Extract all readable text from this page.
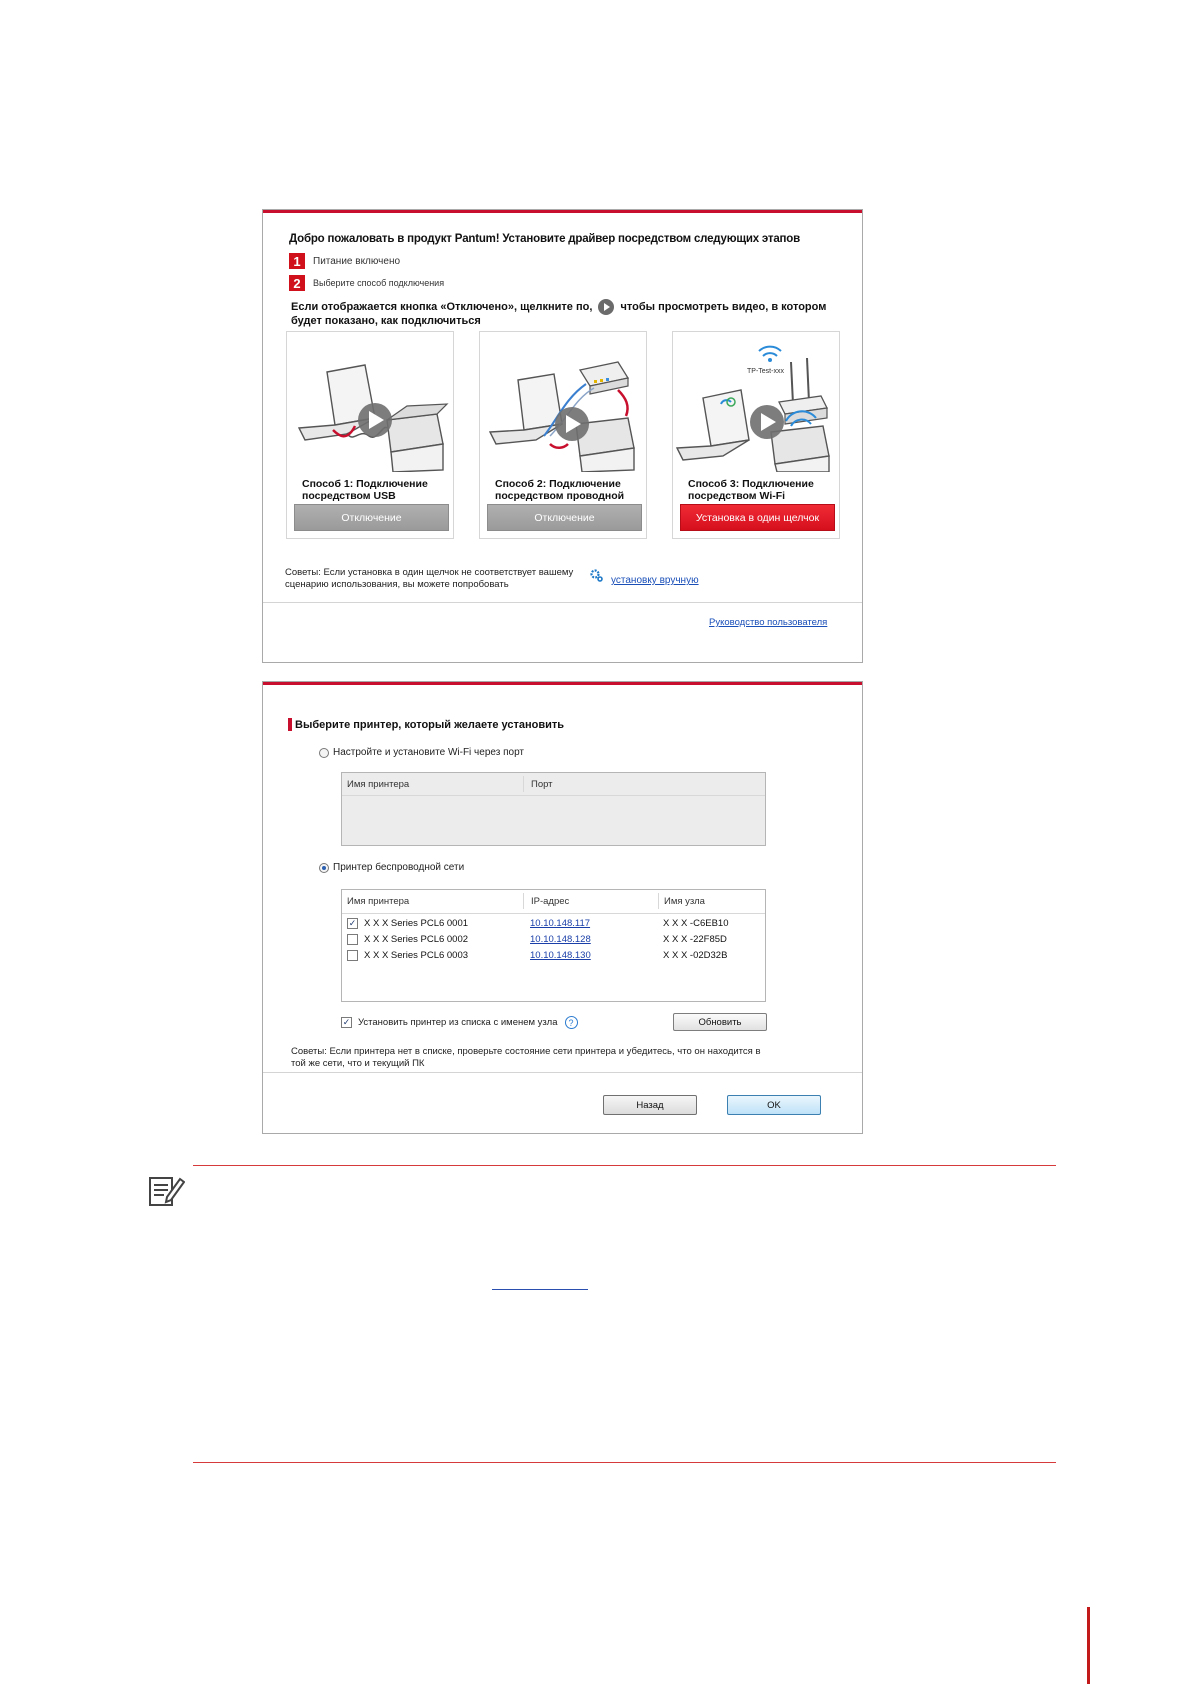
Добро пожаловать в продукт Pantum! Установите драйвер посредством следующих этапов
1	Питание включено
2	Выберите способ подключения
Если отображается кнопка «Отключено», щелкните по,	чтобы просмотреть видео, в котором будет показано, как подключиться
Способ 1: Подключение посредством USB
Отключение
Способ 2: Подключение посредством проводной
Отключение
TP-Test-xxx
Способ 3: Подключение посредством Wi-Fi
Установка в один щелчок
Советы: Если установка в один щелчок не соответствует вашему сценарию использования, вы можете попробовать	установку вручную
Руководство пользователя
Выберите принтер, который желаете установить
Настройте и установите Wi-Fi через порт
Имя принтера	Порт
Принтер беспроводной сети
Имя принтера	IP-адрес	Имя узла
✓ X X X Series PCL6 0001	10.10.148.117	X X X -C6EB10
X X X Series PCL6 0002	10.10.148.128	X X X -22F85D
X X X Series PCL6 0003	10.10.148.130	X X X -02D32B
✓ Установить принтер из списка с именем узла	?	Обновить
Советы: Если принтера нет в списке, проверьте состояние сети принтера и убедитесь, что он находится в той же сети, что и текущий ПК
Назад	OK
